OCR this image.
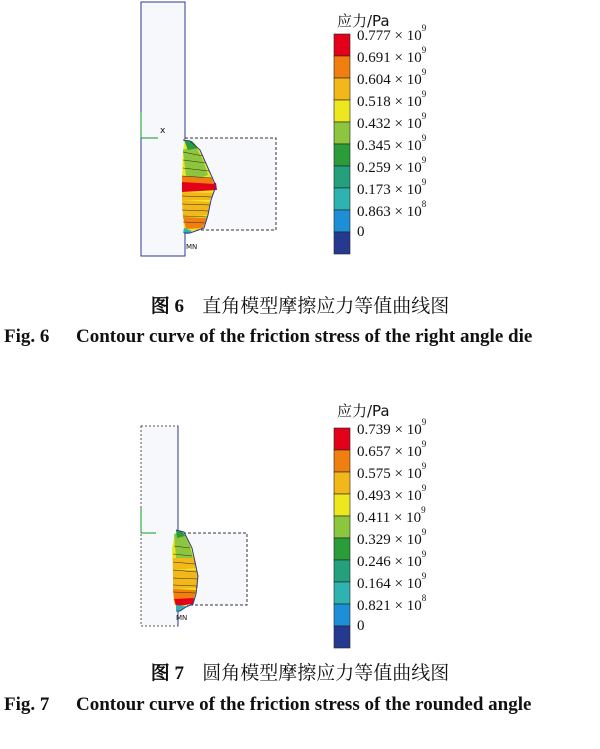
x
MN
应力/Pa
$0.777 \times 10^9$
$0.691 \times 10^9$
$0.604 \times 10^9$
$0.518 \times 10^9$
$0.432 \times 10^9$
$0.345 \times 10^9$
$0.259 \times 10^9$
$0.173 \times 10^9$
$0.863 \times 10^8$
0
图 6 直角模型摩擦应力等值曲线图
Fig. 6 Contour curve of the friction stress of the right angle die
MN
应力/Pa
$0.739 \times 10^9$
$0.657 \times 10^9$
$0.575 \times 10^9$
$0.493 \times 10^9$
$0.411 \times 10^9$
$0.329 \times 10^9$
$0.246 \times 10^9$
$0.164 \times 10^9$
$0.821 \times 10^8$
0
图 7 圆角模型摩擦应力等值曲线图
Fig. 7 Contour curve of the friction stress of the rounded angle
